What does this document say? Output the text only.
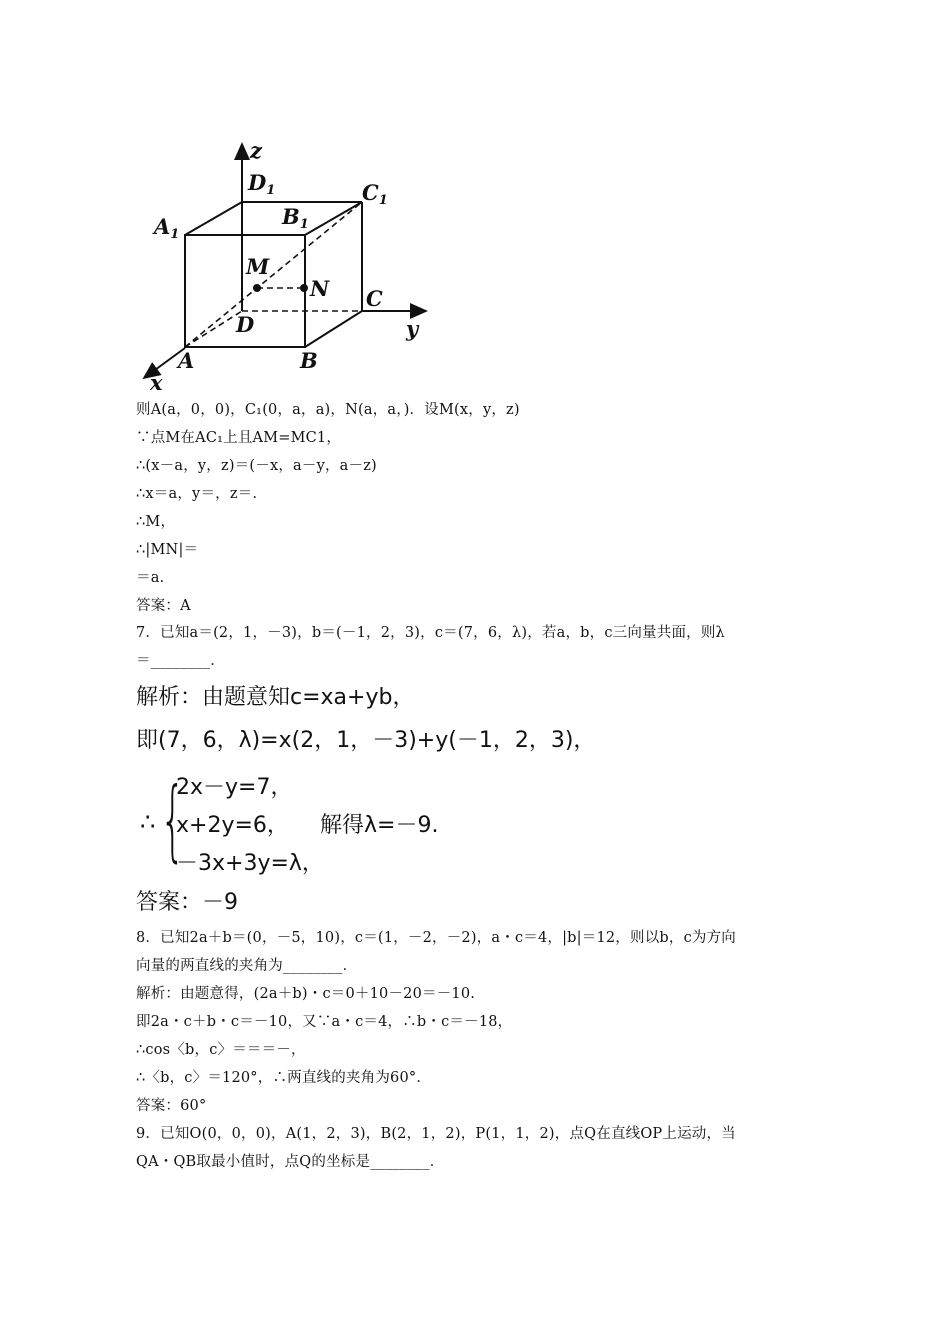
z
y
x
D1	C1
A1
B1
M
N C
D
A	B
则A(a，0，0)，C₁(0，a，a)，N(a，a，)．设M(x，y，z)
∵点M在AC₁上且AM=MC1，
∴(x－a，y，z)＝(－x，a－y，a－z)
∴x＝a，y＝，z＝.
∴M，
∴|MN|＝
＝a.
答案：A
7．已知a＝(2，1，－3)，b＝(－1，2，3)，c＝(7，6，λ)，若a，b，c三向量共面，则λ
＝________．
解析：由题意知c=xa+yb，
即(7，6，λ)=x(2，1，－3)+y(－1，2，3)，
∴ {
2x－y=7，
x+2y=6，
－3x+3y=λ，
解得λ=－9.
答案：－9
8．已知2a＋b＝(0，－5，10)，c＝(1，－2，－2)，a・c＝4，|b|＝12，则以b，c为方向
向量的两直线的夹角为________．
解析：由题意得，(2a＋b)・c＝0＋10－20＝－10.
即2a・c＋b・c＝－10，又∵a・c＝4，∴b・c＝－18，
∴cos〈b，c〉＝＝＝－，
∴〈b，c〉＝120°，∴两直线的夹角为60°．
答案：60°
9．已知O(0，0，0)，A(1，2，3)，B(2，1，2)，P(1，1，2)，点Q在直线OP上运动，当
QA・QB取最小值时，点Q的坐标是________．
